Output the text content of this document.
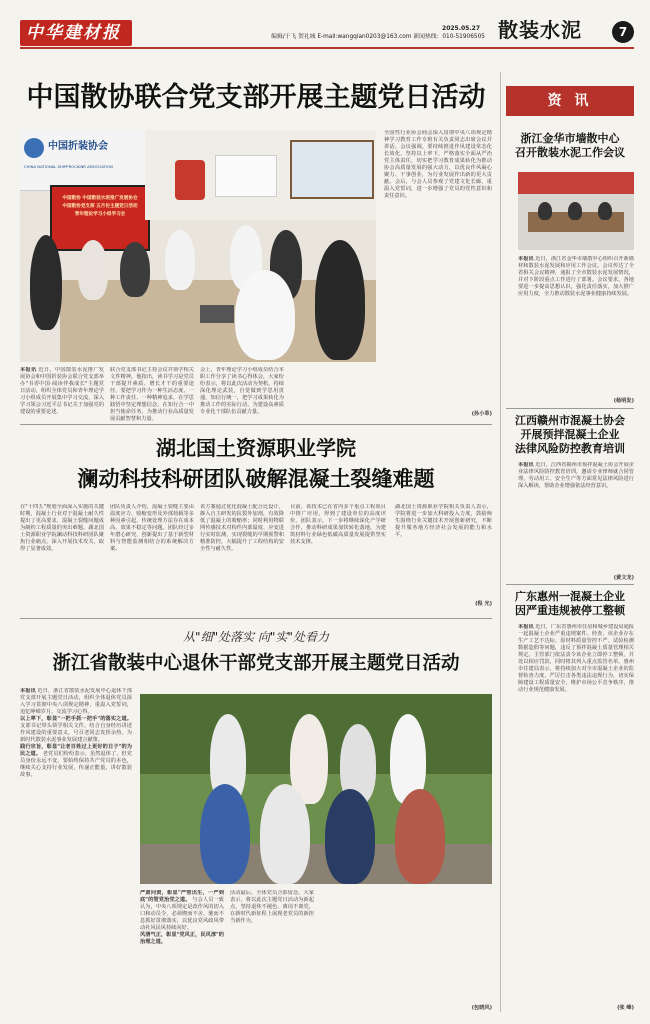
中华建材报	2025.05.27
编辑/于飞 贺礼城 E-mail:wangqian0203@163.com 新闻热线：010-51906505 散装水泥	7
中国散协联合党支部开展主题党日活动
中国折装协会
CHINA NATIONAL SHIPPROCKINR ASSOCIATION
中国散协 中国散装水泥推广发展协会
中国散协党支部 五月份主题党日活动
青年理论学习小组学习会
本报讯 近日，中国散装水泥推广发展协会和中国折装协会联合党支部举办"书香中国·阅读伴我成长"主题党日活动，组织全体党员和青年理论学习小组成员开展集中学习交流，深入学习领会习近平总书记关于加强党的建设的重要论述。
联合党支部书记主持会议并领学相关文件精神。他指出，读书学习是党员干部提升素质、增长才干的重要途径，要把学习作为一种生活态度、一种工作责任、一种精神追求，在学思践悟中坚定理想信念，在知行合一中担当使命任务，为推动行业高质量发展贡献智慧和力量。
会上，青年理论学习小组成员结合本职工作分享了读书心得体会，大家纷纷表示，将以此次活动为契机，持续深化理论武装，自觉做到学思用贯通、知信行统一，把学习成果转化为推动工作的实际行动，为建设高素质专业化干部队伍贡献力量。
全国性行业协会商会深入贯彻中央八项规定精神学习教育工作专班有关负责同志出席会议并讲话。会议强调，要持续推进作风建设常态化长效化，坚持以上率下，严格落实全面从严治党主体责任，切实把学习教育成果转化为推动协会高质量发展的强大动力，以优良作风凝心聚力、干事创业，为行业发展作出新的更大贡献。会后，与会人员参观了党建文化长廊，重温入党誓词，进一步增强了党员的党性意识和责任意识。
(孙小草)
湖北国土资源职业学院
澜动科技科研团队破解混凝土裂缝难题
在"十四五"规划全面深入实施的关键时期，混凝土行业对于混凝土耐久性提出了更高要求，混凝土裂缝问题成为制约工程质量的突出难题。湖北国土资源职业学院澜动科技科研团队聚焦行业痛点，深入开展技术攻关，取得了显著成效。
团队负责人介绍，混凝土裂缝主要由温度应力、收缩变形及外部荷载等多种因素引起，传统处理方法存在成本高、效果不稳定等问题。团队经过多年潜心研究，创新提出了基于新型材料与智能监测相结合的系统解决方案。
该方案通过优化混凝土配合比设计，掺入自主研发的抗裂外加剂，有效降低了混凝土的收缩率；同时利用物联网传感技术对构件内部温度、应变进行实时监测，实现裂缝的早期预警和精准防控，大幅提升了工程结构的安全性与耐久性。
目前，该技术已在省内多个重点工程项目中推广应用，得到了建设单位的高度评价。团队表示，下一步将继续深化产学研合作，推动科研成果加快转化落地，为建筑材料行业绿色低碳高质量发展提供坚实技术支撑。
湖北国土资源职业学院相关负责人表示，学院将进一步加大科研投入力度，鼓励师生围绕行业关键技术开展创新研究，不断提升服务地方经济社会发展的能力和水平。
(程 光)
从"细"处落实 向"实"处看力
浙江省散装中心退休干部党支部开展主题党日活动
本报讯 近日，浙江省散装水泥发展中心退休干部党支部开展主题党日活动，组织全体退休党员深入学习贯彻中央八项规定精神，重温入党誓词，追忆峥嵘岁月，交流学习心得。
以上率下，彰显"一把手抓一把手"的落实之道。 支部书记带头领学相关文件，结合自身经历讲述作风建设的重要意义，号召老同志发挥余热，为新时代散装水泥事业发展建言献策。
践行宗旨，彰显"让老百姓过上更好的日子"的为民之道。 老党员们纷纷表示，虽然退休了，但党员身份永远不变，要始终保持共产党员的本色，继续关心支持行业发展，传递正能量，讲好散装故事。
严肃问责，彰显"严管出生，一严到底"的管党治党之道。 与会人员一致认为，中央八项规定是改作风的切入口和动员令，必须锲而不舍、驰而不息抓好贯彻落实，以优良党风政风带动社风民风持续向好。
风清气正，彰显"党风正，民风淳"的治理之道。
活动最后，全体党员合影留念。大家表示，将以此次主题党日活动为新起点，坚持退休不褪色、离岗不离党，在新时代新征程上展现老党员的新担当新作为。
(包晓风)
资 讯
浙江金华市墙散中心
召开散装水泥工作会议
本报讯 近日，浙江省金华市墙散中心组织召开新墙材和散装水泥发展和应用工作会议。会议传达了全省相关会议精神，通报了全市散装水泥发展情况，并对下阶段重点工作进行了部署。会议要求，各地要进一步提高思想认识，强化责任落实，加大推广应用力度，全力推动散装水泥事业健康持续发展。
(杨明发)
江西赣州市混凝土协会
开展预拌混凝土企业
法律风险防控教育培训
本报讯 近日，江西省赣州市预拌混凝土协会开展企业法律风险防控教育培训，邀请专业律师就合同管理、劳动用工、安全生产等方面常见法律风险进行深入解读，帮助企业增强依法经营意识。
(黄文龙)
广东惠州一混凝土企业
因严重违规被停工整顿
本报讯 近日，广东省惠州市住房和城乡建设局通报一起混凝土企业严重违规案件。经查，该企业存在生产工艺不达标、原材料质量管控不严、试验检测数据造假等问题，违反了预拌混凝土质量管理相关规定。主管部门依法责令该企业立即停工整顿，并处以相应罚款，同时将其列入重点监管名单。惠州市住建局表示，将持续加大对全市混凝土企业的监督检查力度，严厉打击各类违法违规行为，切实保障建设工程质量安全，维护市场公平竞争秩序，推动行业规范健康发展。
(张 峰)
